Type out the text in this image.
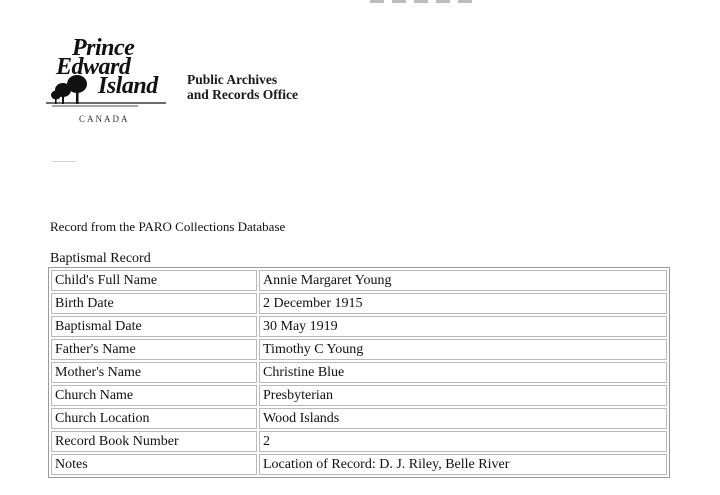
Prince
Edward
Island
CANADA
Public Archives
and Records Office
Record from the PARO Collections Database
Baptismal Record
Child's Full Name	Annie Margaret Young
Birth Date	2 December 1915
Baptismal Date	30 May 1919
Father's Name	Timothy C Young
Mother's Name	Christine Blue
Church Name	Presbyterian
Church Location	Wood Islands
Record Book Number	2
Notes	Location of Record: D. J. Riley, Belle River
